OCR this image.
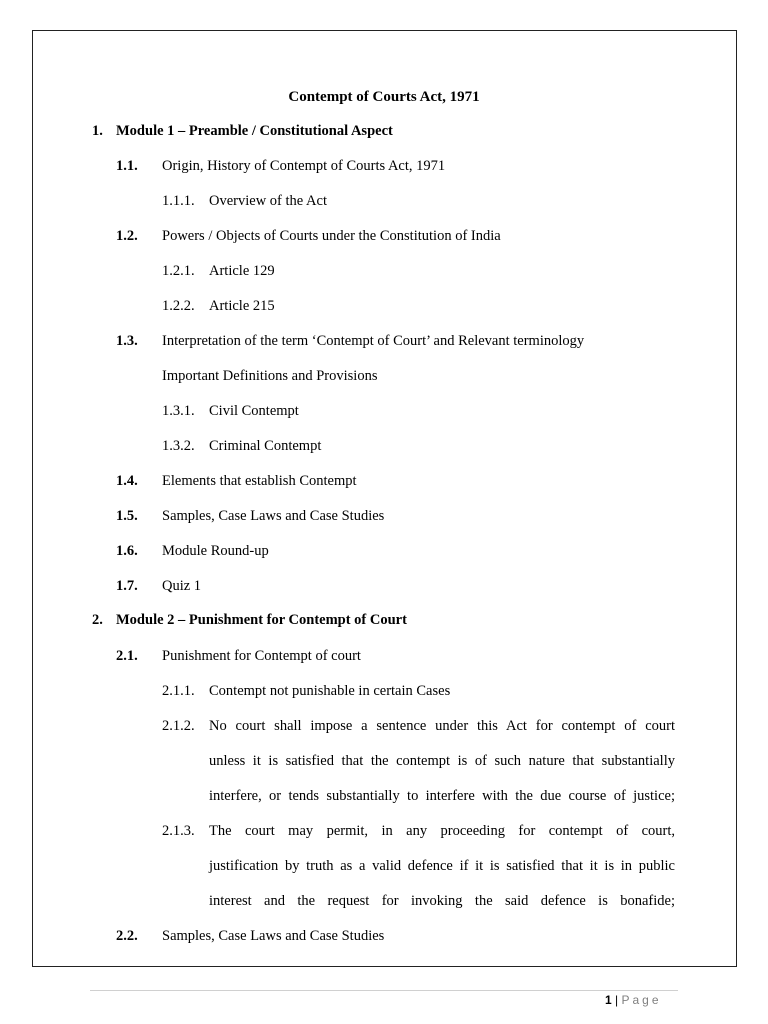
Contempt of Courts Act, 1971
1. Module 1 – Preamble / Constitutional Aspect
1.1. Origin, History of Contempt of Courts Act, 1971
1.1.1. Overview of the Act
1.2. Powers / Objects of Courts under the Constitution of India
1.2.1. Article 129
1.2.2. Article 215
1.3. Interpretation of the term ‘Contempt of Court’ and Relevant terminology
Important Definitions and Provisions
1.3.1. Civil Contempt
1.3.2. Criminal Contempt
1.4. Elements that establish Contempt
1.5. Samples, Case Laws and Case Studies
1.6. Module Round-up
1.7. Quiz 1
2. Module 2 – Punishment for Contempt of Court
2.1. Punishment for Contempt of court
2.1.1. Contempt not punishable in certain Cases
2.1.2. No court shall impose a sentence under this Act for contempt of court
unless it is satisfied that the contempt is of such nature that substantially
interfere, or tends substantially to interfere with the due course of justice;
2.1.3. The court may permit, in any proceeding for contempt of court,
justification by truth as a valid defence if it is satisfied that it is in public
interest and the request for invoking the said defence is bonafide;
2.2. Samples, Case Laws and Case Studies
1 | Page
